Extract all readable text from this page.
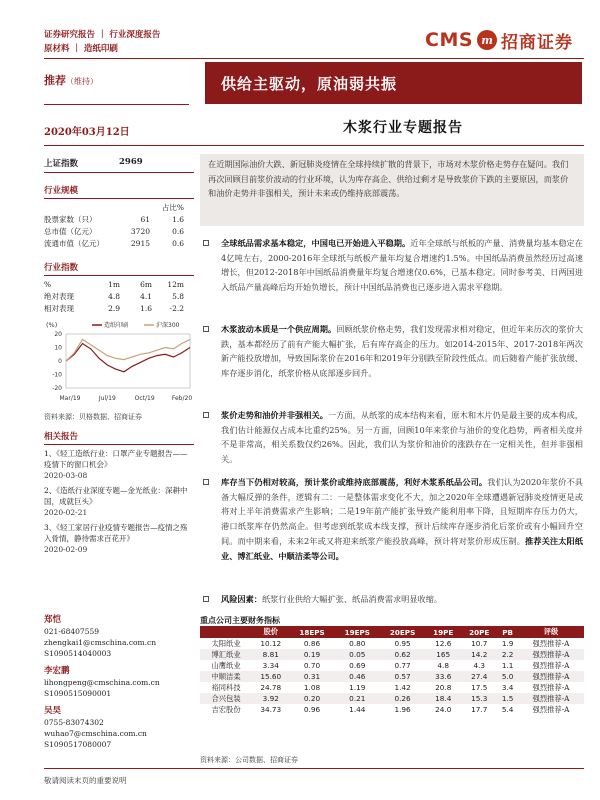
证券研究报告 ｜ 行业深度报告
原材料 ｜ 造纸印刷	CMS m 招商证券
推荐（维持）	供给主驱动，原油弱共振
2020年03月12日	木浆行业专题报告
上证指数	2969
行业规模
占比%
股票家数（只）	61	1.6
总市值（亿元）	3720	0.6
流通市值（亿元）	2915	0.6
行业指数
%	1m	6m	12m
绝对表现	4.8	4.1	5.8
相对表现	2.9	1.6	-2.2
(%)	造纸印刷	沪深300
20
10
0
-10
-20
Mar/19	Jul/19	Oct/19	Feb/20
资料来源：贝格数据、招商证券
相关报告
1、《轻工造纸行业：口罩产业专题报告——疫情下的窗口机会》
2020-03-08
2、《造纸行业深度专题—金光纸业：深耕中国，成就巨头》
2020-02-21
3、《轻工家居行业疫情专题报告—疫情之殇入骨情，静待需求百花开》
2020-02-09
郑恺
021-68407559
zhengkai1@cmschina.com.cn
S1090514040003
李宏鹏
lihongpeng@cmschina.com.cn
S1090515090001
吴昊
0755-83074302
wuhao7@cmschina.com.cn
S1090517080007
在近期国际油价大跌、新冠肺炎疫情在全球持续扩散的背景下，市场对木浆价格走势存在疑问。我们再次回顾目前浆价波动的行业环境，认为库存高企、供给过剩才是导致浆价下跌的主要原因，而浆价和油价走势并非强相关，预计未来或仍维持底部震荡。
全球纸品需求基本稳定，中国电已开始进入平稳期。近年全球纸与纸板的产量、消费量均基本稳定在4亿吨左右，2000-2016年全球纸与纸板产量年均复合增速约1.5%。中国纸品消费虽然经历过高速增长，但2012-2018年中国纸品消费量年均复合增速仅0.6%，已基本稳定。同时参考美、日两国进入纸品产量高峰后均开始负增长，预计中国纸品消费也已逐步进入需求平稳期。
木浆波动本质是一个供应周期。回顾纸浆价格走势，我们发现需求相对稳定，但近年来历次的浆价大跌，基本都经历了前有产能大幅扩张，后有库存高企的压力。如2014-2015年、2017-2018年两次新产能投放增加，导致国际浆价在2016年和2019年分别跌至阶段性低点。而后随着产能扩张放缓、库存逐步消化，纸浆价格从底部逐步回升。
浆价走势和油价并非强相关。一方面，从纸浆的成本结构来看，原木和木片仍是最主要的成本构成，我们估计能源仅占成本比重约25%。另一方面，回顾10年来浆价与油价的变化趋势，两者相关度并不是非常高，相关系数仅约26%。因此，我们认为浆价和油价的涨跌存在一定相关性，但并非强相关。
库存当下仍相对较高，预计浆价或维持底部震荡，利好木浆系纸品公司。我们认为2020年浆价不具备大幅反弹的条件，逻辑有二：一是整体需求变化不大，加之2020年全球遭遇新冠肺炎疫情更是或将对上半年消费需求产生影响；二是19年前产能扩张导致产能利用率下降，且短期库存压力仍大，港口纸浆库存仍然高企。但考虑到纸浆成本线支撑，预计后续库存逐步消化后浆价或有小幅回升空间。而中期来看，未来2年或又将迎来纸浆产能投放高峰，预计将对浆价形成压制。推荐关注太阳纸业、博汇纸业、中顺洁柔等公司。
风险因素：纸浆行业供给大幅扩张、纸品消费需求明显收缩。
重点公司主要财务指标
	股价	18EPS	19EPS	20EPS	19PE	20PE	PB	评级
太阳纸业	10.12	0.86	0.80	0.95	12.6	10.7	1.9	强烈推荐-A
博汇纸业	8.81	0.19	0.05	0.62	165	14.2	2.2	强烈推荐-A
山鹰纸业	3.34	0.70	0.69	0.77	4.8	4.3	1.1	强烈推荐-A
中顺洁柔	15.60	0.31	0.46	0.57	33.6	27.4	5.0	强烈推荐-A
裕同科技	24.78	1.08	1.19	1.42	20.8	17.5	3.4	强烈推荐-A
合兴包装	3.92	0.20	0.21	0.26	18.4	15.3	1.5	强烈推荐-A
吉宏股份	34.73	0.96	1.44	1.96	24.0	17.7	5.4	强烈推荐-A
资料来源：公司数据、招商证券
敬请阅读末页的重要说明
